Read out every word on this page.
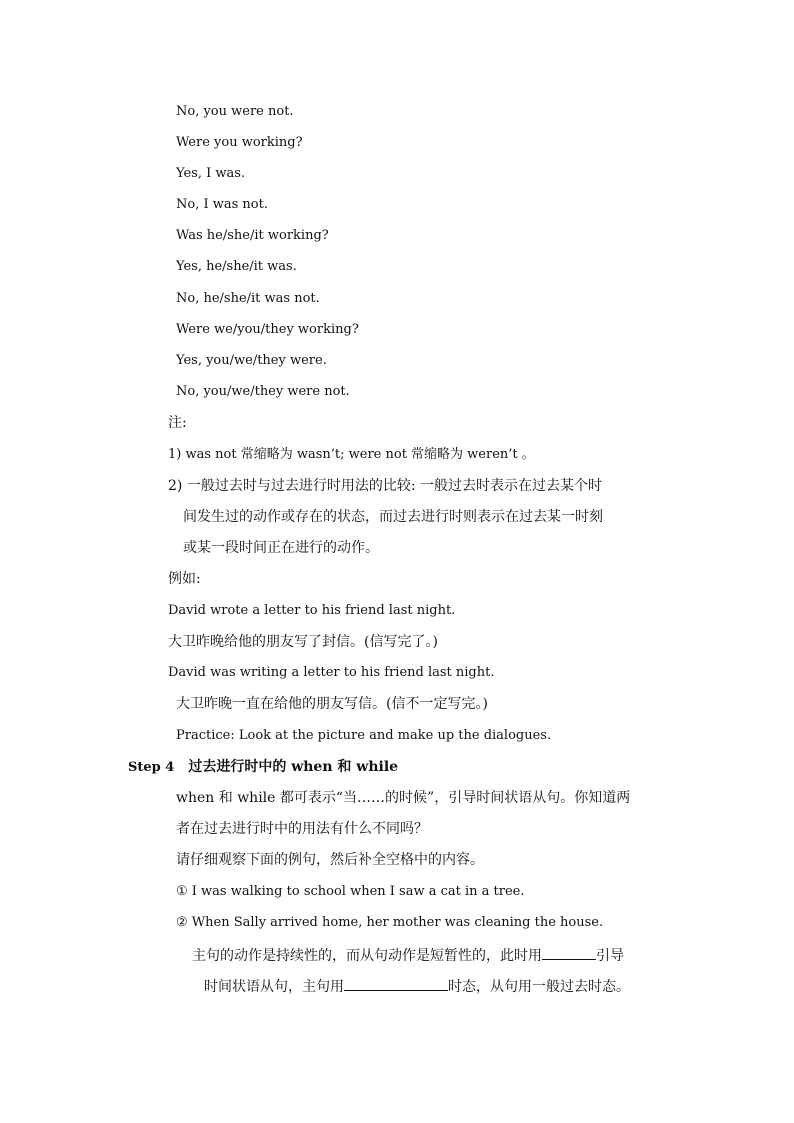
No, you were not.
Were you working?
Yes, I was.
No, I was not.
Was he/she/it working?
Yes, he/she/it was.
No, he/she/it was not.
Were we/you/they working?
Yes, you/we/they were.
No, you/we/they were not.
注:
1) was not 常缩略为 wasn’t; were not 常缩略为 weren’t 。
2) 一般过去时与过去进行时用法的比较: 一般过去时表示在过去某个时
间发生过的动作或存在的状态，而过去进行时则表示在过去某一时刻
或某一段时间正在进行的动作。
例如:
David wrote a letter to his friend last night.
大卫昨晚给他的朋友写了封信。(信写完了。)
David was writing a letter to his friend last night.
大卫昨晚一直在给他的朋友写信。(信不一定写完。)
Practice: Look at the picture and make up the dialogues.
Step 4 过去进行时中的 when 和 while
when 和 while 都可表示“当……的时候”，引导时间状语从句。你知道两
者在过去进行时中的用法有什么不同吗？
请仔细观察下面的例句，然后补全空格中的内容。
① I was walking to school when I saw a cat in a tree.
② When Sally arrived home, her mother was cleaning the house.
主句的动作是持续性的，而从句动作是短暂性的，此时用	引导
时间状语从句，主句用	时态，从句用一般过去时态。
